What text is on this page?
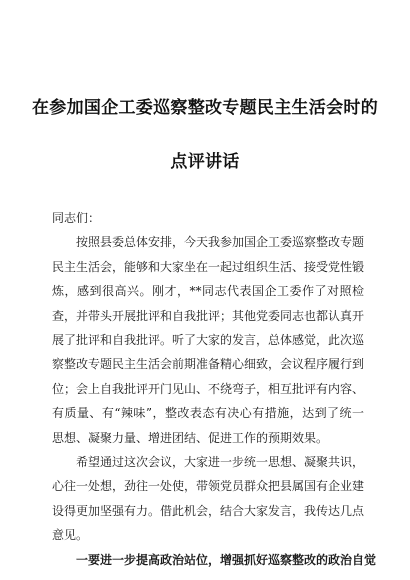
在参加国企工委巡察整改专题民主生活会时的
点评讲话

同志们：

按照县委总体安排，今天我参加国企工委巡察整改专题民主生活会，能够和大家坐在一起过组织生活、接受党性锻炼，感到很高兴。刚才，**同志代表国企工委作了对照检查，并带头开展批评和自我批评；其他党委同志也都认真开展了批评和自我批评。听了大家的发言，总体感觉，此次巡察整改专题民主生活会前期准备精心细致，会议程序履行到位；会上自我批评开门见山、不绕弯子，相互批评有内容、有质量、有“辣味”，整改表态有决心有措施，达到了统一思想、凝聚力量、增进团结、促进工作的预期效果。

希望通过这次会议，大家进一步统一思想、凝聚共识，心往一处想，劲往一处使，带领党员群众把县属国有企业建设得更加坚强有力。借此机会，结合大家发言，我传达几点意见。

一要进一步提高政治站位，增强抓好巡察整改的政治自觉
